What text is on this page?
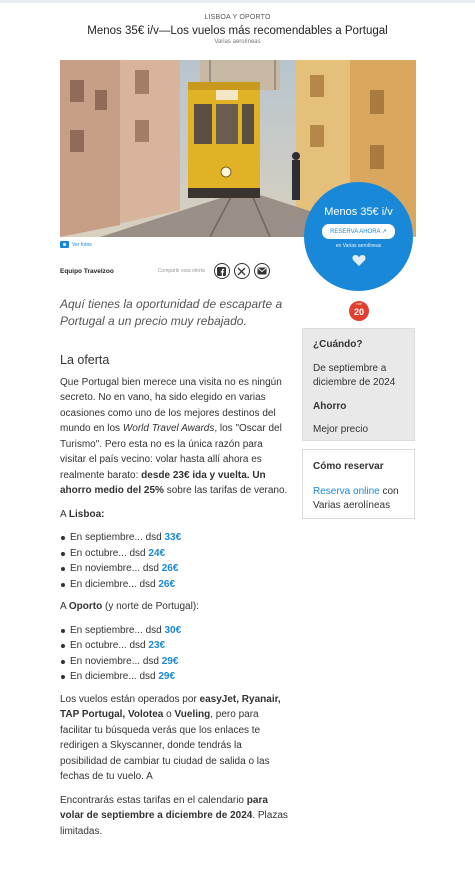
LISBOA Y OPORTO
Menos 35€ i/v—Los vuelos más recomendables a Portugal
Varias aerolíneas
Menos 35€ i/v
RESERVA AHORA ↗
en Varias aerolíneas
Ver fotos
Equipo Travelzoo	Compartir esta oferta
Aquí tienes la oportunidad de escaparte a Portugal a un precio muy rebajado.
TOP
20
La oferta

Que Portugal bien merece una visita no es ningún secreto. No en vano, ha sido elegido en varias ocasiones como uno de los mejores destinos del mundo en los World Travel Awards, los "Oscar del Turismo". Pero esta no es la única razón para visitar el país vecino: volar hasta allí ahora es realmente barato: desde 23€ ida y vuelta. Un ahorro medio del 25% sobre las tarifas de verano.

A Lisboa:

En septiembre... dsd 33€
En octubre... dsd 24€
En noviembre... dsd 26€
En diciembre... dsd 26€

A Oporto (y norte de Portugal):

En septiembre... dsd 30€
En octubre... dsd 23€
En noviembre... dsd 29€
En diciembre... dsd 29€

Los vuelos están operados por easyJet, Ryanair, TAP Portugal, Volotea o Vueling, pero para facilitar tu búsqueda verás que los enlaces te redirigen a Skyscanner, donde tendrás la posibilidad de cambiar tu ciudad de salida o las fechas de tu vuelo. A

Encontrarás estas tarifas en el calendario para volar de septiembre a diciembre de 2024. Plazas limitadas.

¿Cuándo?
De septiembre a diciembre de 2024
Ahorro
Mejor precio
Cómo reservar
Reserva online con Varias aerolíneas
